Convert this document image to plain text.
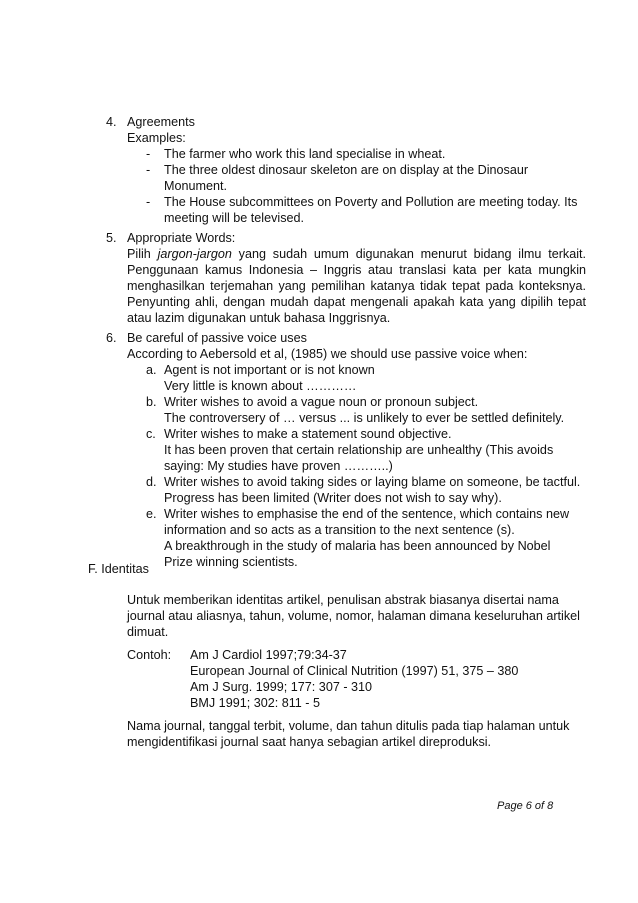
4. Agreements
Examples:
- The farmer who work this land specialise in wheat.
- The three oldest dinosaur skeleton are on display at the Dinosaur
Monument.
- The House subcommittees on Poverty and Pollution are meeting today. Its
meeting will be televised.
5. Appropriate Words:
Pilih jargon-jargon yang sudah umum digunakan menurut bidang ilmu terkait.
Penggunaan kamus Indonesia – Inggris atau translasi kata per kata mungkin
menghasilkan terjemahan yang pemilihan katanya tidak tepat pada konteksnya.
Penyunting ahli, dengan mudah dapat mengenali apakah kata yang dipilih tepat
atau lazim digunakan untuk bahasa Inggrisnya.
6. Be careful of passive voice uses
According to Aebersold et al, (1985) we should use passive voice when:
a. Agent is not important or is not known
Very little is known about …………
b. Writer wishes to avoid a vague noun or pronoun subject.
The controversery of … versus ... is unlikely to ever be settled definitely.
c. Writer wishes to make a statement sound objective.
It has been proven that certain relationship are unhealthy (This avoids
saying: My studies have proven ………..)
d. Writer wishes to avoid taking sides or laying blame on someone, be tactful.
Progress has been limited (Writer does not wish to say why).
e. Writer wishes to emphasise the end of the sentence, which contains new
information and so acts as a transition to the next sentence (s).
A breakthrough in the study of malaria has been announced by Nobel
Prize winning scientists.
F. Identitas
Untuk memberikan identitas artikel, penulisan abstrak biasanya disertai nama
journal atau aliasnya, tahun, volume, nomor, halaman dimana keseluruhan artikel
dimuat.
Contoh: Am J Cardiol 1997;79:34-37
European Journal of Clinical Nutrition (1997) 51, 375 – 380
Am J Surg. 1999; 177: 307 - 310
BMJ 1991; 302: 811 - 5
Nama journal, tanggal terbit, volume, dan tahun ditulis pada tiap halaman untuk
mengidentifikasi journal saat hanya sebagian artikel direproduksi.
Page 6 of 8
